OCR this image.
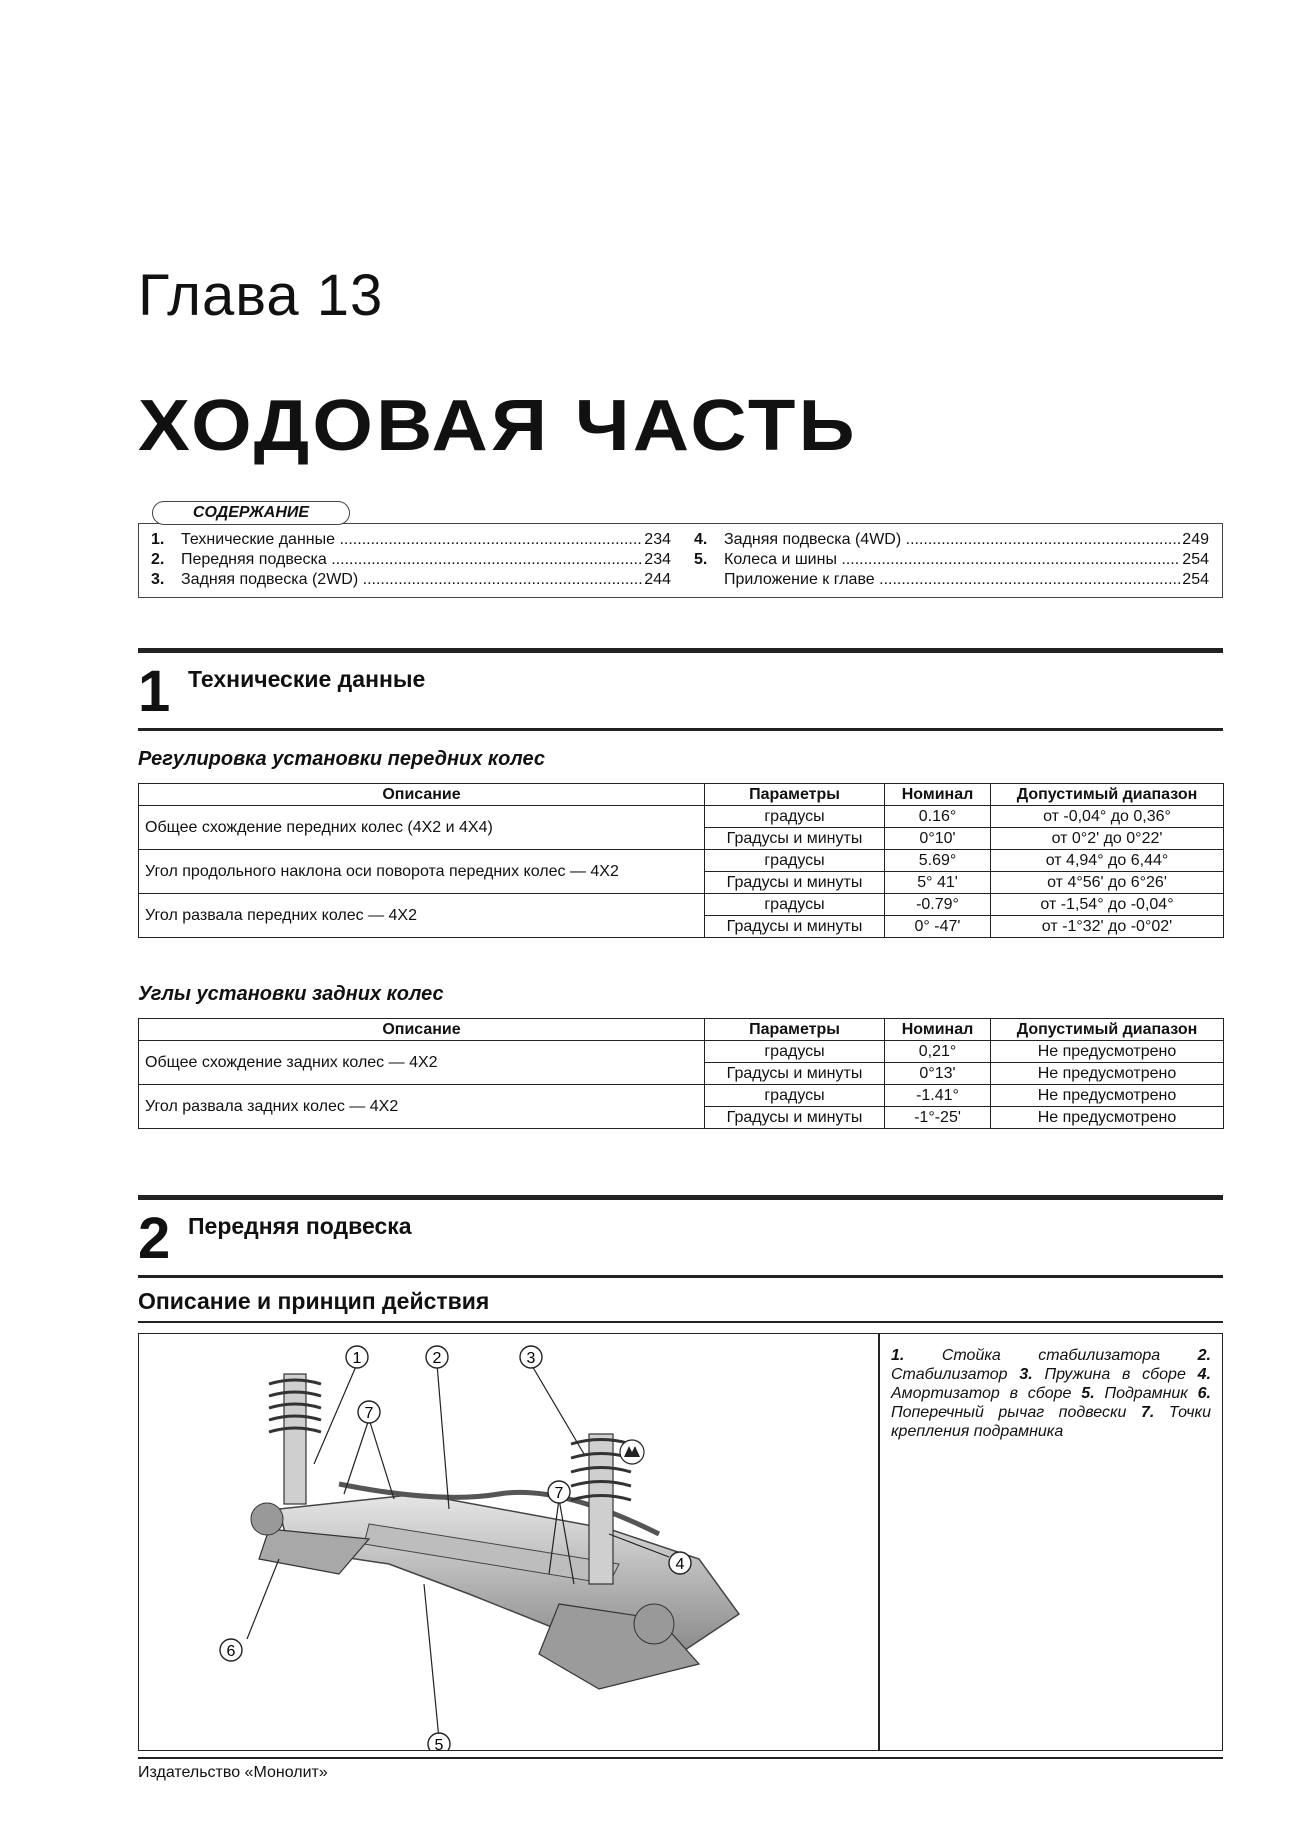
Глава 13
ХОДОВАЯ ЧАСТЬ
1.	Технические данные .....	234
2.	Передняя подвеска .....	234
3.	Задняя подвеска (2WD) .....	244
4.	Задняя подвеска (4WD) .....	249
5.	Колеса и шины .....	254
Приложение к главе .....	254
СОДЕРЖАНИЕ
1 Технические данные
Регулировка установки передних колес
Описание	Параметры	Номинал	Допустимый диапазон
Общее схождение передних колес (4X2 и 4X4)	градусы	0.16°	от -0,04° до 0,36°
	Градусы и минуты	0°10'	от 0°2' до 0°22'
Угол продольного наклона оси поворота передних колес — 4X2	градусы	5.69°	от 4,94° до 6,44°
	Градусы и минуты	5° 41'	от 4°56' до 6°26'
Угол развала передних колес — 4X2	градусы	-0.79°	от -1,54° до -0,04°
	Градусы и минуты	0° -47'	от -1°32' до -0°02'
Углы установки задних колес
Описание	Параметры	Номинал	Допустимый диапазон
Общее схождение задних колес — 4X2	градусы	0,21°	Не предусмотрено
	Градусы и минуты	0°13'	Не предусмотрено
Угол развала задних колес — 4X2	градусы	-1.41°	Не предусмотрено
	Градусы и минуты	-1°-25'	Не предусмотрено
2 Передняя подвеска
Описание и принцип действия
1	2	3
4
5
6
7
7
1. Стойка стабилизатора 2. Стабилизатор 3. Пружина в сборе 4. Амортизатор в сборе 5. Подрамник 6. Поперечный рычаг подвески 7. Точки крепления подрамника
Издательство «Монолит»
